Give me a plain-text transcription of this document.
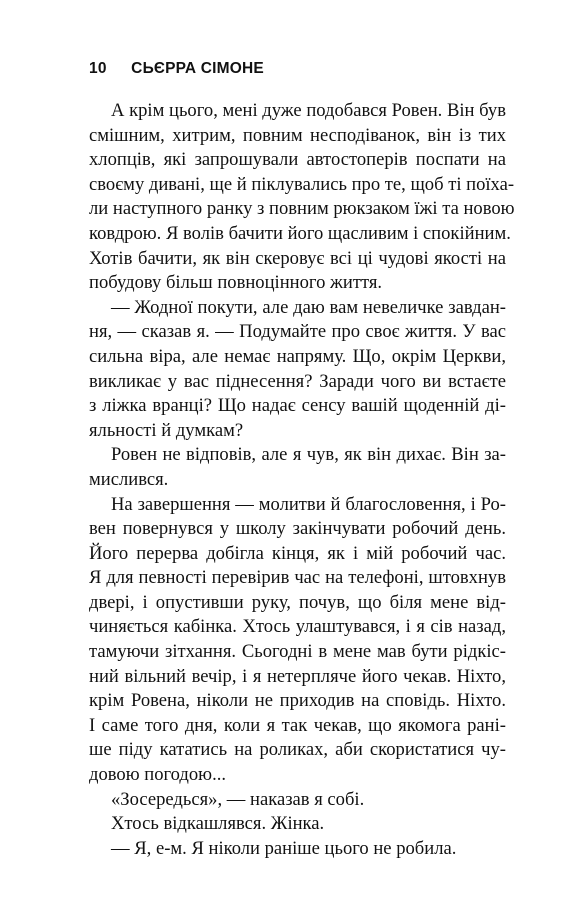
10 СЬЄРРА СІМОНЕ
А крім цього, мені дуже подобався Ровен. Він був
смішним, хитрим, повним несподіванок, він із тих
хлопців, які запрошували автостоперів поспати на
своєму дивані, ще й піклувались про те, щоб ті поїха-
ли наступного ранку з повним рюкзаком їжі та новою
ковдрою. Я волів бачити його щасливим і спокійним.
Хотів бачити, як він скеровує всі ці чудові якості на
побудову більш повноцінного життя.
— Жодної покути, але даю вам невеличке завдан-
ня, — сказав я. — Подумайте про своє життя. У вас
сильна віра, але немає напряму. Що, окрім Церкви,
викликає у вас піднесення? Заради чого ви встаєте
з ліжка вранці? Що надає сенсу вашій щоденній ді-
яльності й думкам?
Ровен не відповів, але я чув, як він дихає. Він за-
мислився.
На завершення — молитви й благословення, і Ро-
вен повернувся у школу закінчувати робочий день.
Його перерва добігла кінця, як і мій робочий час.
Я для певності перевірив час на телефоні, штовхнув
двері, і опустивши руку, почув, що біля мене від-
чиняється кабінка. Хтось улаштувався, і я сів назад,
тамуючи зітхання. Сьогодні в мене мав бути рідкіс-
ний вільний вечір, і я нетерпляче його чекав. Ніхто,
крім Ровена, ніколи не приходив на сповідь. Ніхто.
І саме того дня, коли я так чекав, що якомога рані-
ше піду кататись на роликах, аби скористатися чу-
довою погодою...
«Зосередься», — наказав я собі.
Хтось відкашлявся. Жінка.
— Я, е-м. Я ніколи раніше цього не робила.
